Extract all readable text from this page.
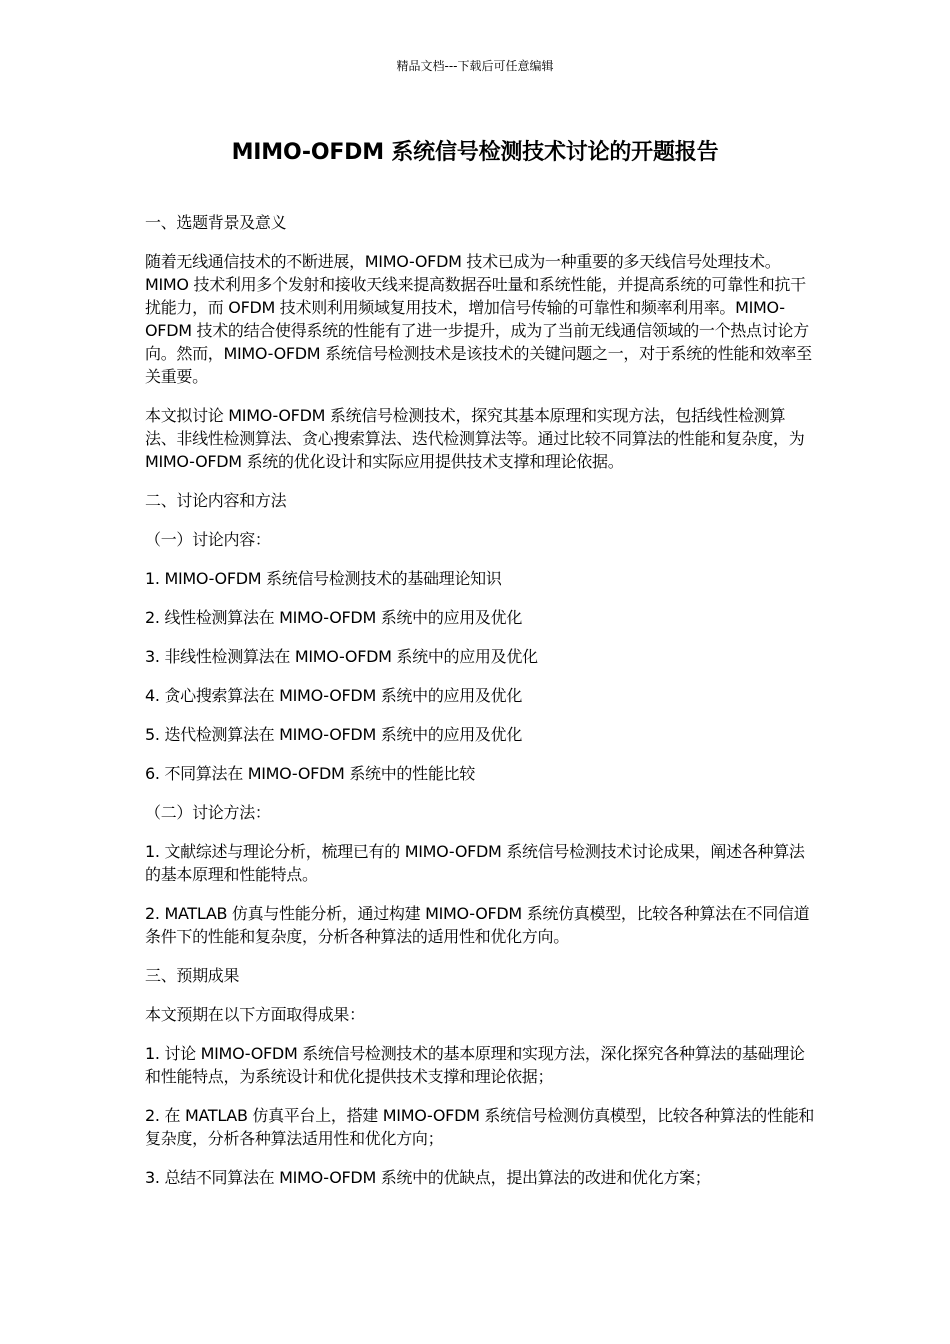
精品文档---下载后可任意编辑
MIMO-OFDM 系统信号检测技术讨论的开题报告

一、选题背景及意义

随着无线通信技术的不断进展，MIMO-OFDM 技术已成为一种重要的多天线信号处理技术。MIMO 技术利用多个发射和接收天线来提高数据吞吐量和系统性能，并提高系统的可靠性和抗干扰能力，而 OFDM 技术则利用频域复用技术，增加信号传输的可靠性和频率利用率。MIMO-OFDM 技术的结合使得系统的性能有了进一步提升，成为了当前无线通信领域的一个热点讨论方向。然而，MIMO-OFDM 系统信号检测技术是该技术的关键问题之一，对于系统的性能和效率至关重要。

本文拟讨论 MIMO-OFDM 系统信号检测技术，探究其基本原理和实现方法，包括线性检测算法、非线性检测算法、贪心搜索算法、迭代检测算法等。通过比较不同算法的性能和复杂度，为 MIMO-OFDM 系统的优化设计和实际应用提供技术支撑和理论依据。

二、讨论内容和方法

（一）讨论内容：

1. MIMO-OFDM 系统信号检测技术的基础理论知识

2. 线性检测算法在 MIMO-OFDM 系统中的应用及优化

3. 非线性检测算法在 MIMO-OFDM 系统中的应用及优化

4. 贪心搜索算法在 MIMO-OFDM 系统中的应用及优化

5. 迭代检测算法在 MIMO-OFDM 系统中的应用及优化

6. 不同算法在 MIMO-OFDM 系统中的性能比较

（二）讨论方法：

1. 文献综述与理论分析，梳理已有的 MIMO-OFDM 系统信号检测技术讨论成果，阐述各种算法的基本原理和性能特点。

2. MATLAB 仿真与性能分析，通过构建 MIMO-OFDM 系统仿真模型，比较各种算法在不同信道条件下的性能和复杂度，分析各种算法的适用性和优化方向。

三、预期成果

本文预期在以下方面取得成果：

1. 讨论 MIMO-OFDM 系统信号检测技术的基本原理和实现方法，深化探究各种算法的基础理论和性能特点，为系统设计和优化提供技术支撑和理论依据；

2. 在 MATLAB 仿真平台上，搭建 MIMO-OFDM 系统信号检测仿真模型，比较各种算法的性能和复杂度，分析各种算法适用性和优化方向；

3. 总结不同算法在 MIMO-OFDM 系统中的优缺点，提出算法的改进和优化方案；
